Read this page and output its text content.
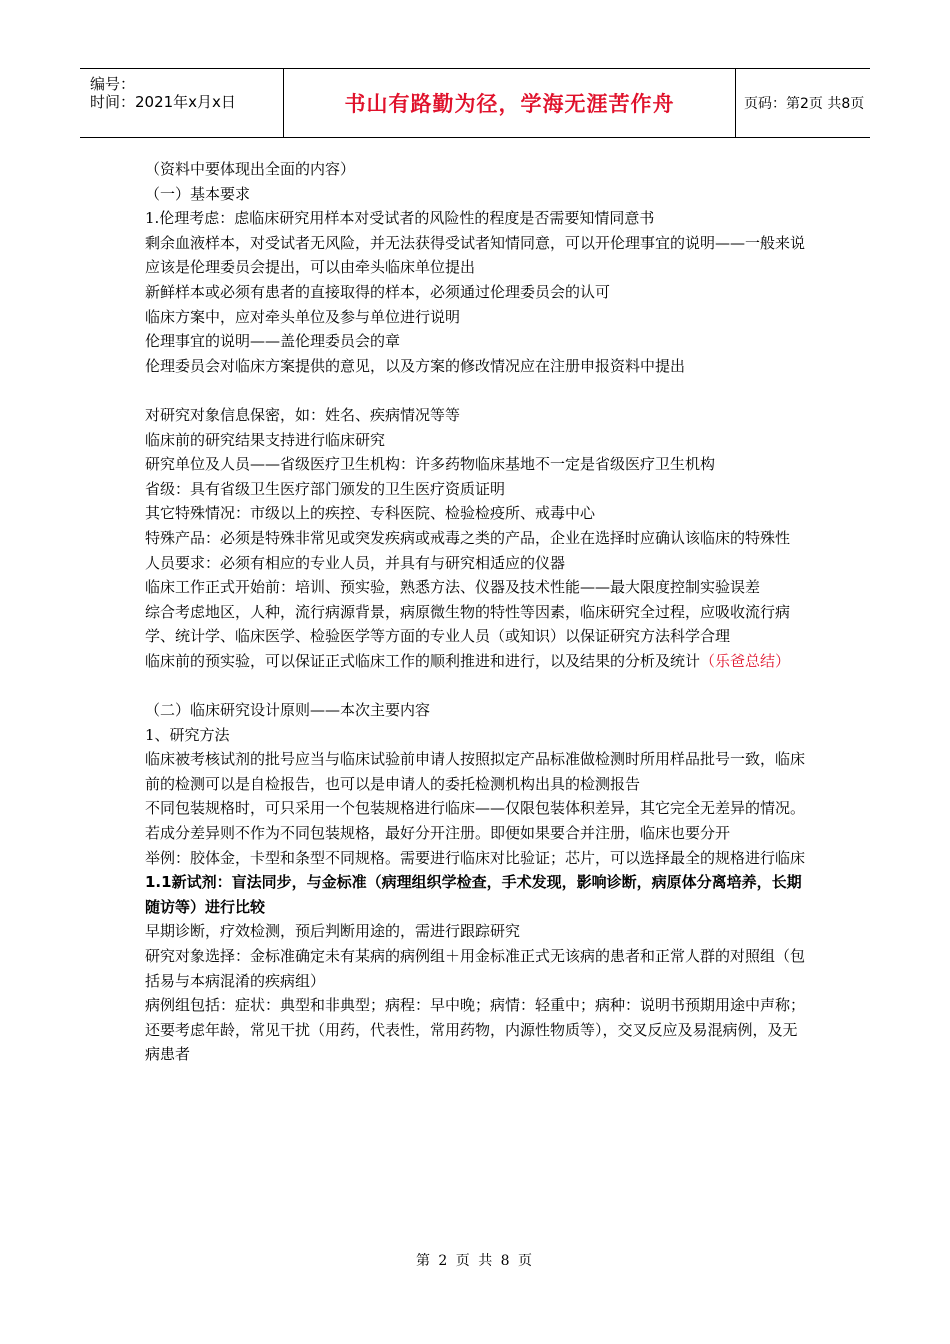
编号：
时间：2021年x月x日	书山有路勤为径，学海无涯苦作舟	页码：第2页 共8页

（资料中要体现出全面的内容）

（一）基本要求

1.伦理考虑：虑临床研究用样本对受试者的风险性的程度是否需要知情同意书

剩余血液样本，对受试者无风险，并无法获得受试者知情同意，可以开伦理事宜的说明——一般来说应该是伦理委员会提出，可以由牵头临床单位提出

新鲜样本或必须有患者的直接取得的样本，必须通过伦理委员会的认可

临床方案中，应对牵头单位及参与单位进行说明

伦理事宜的说明——盖伦理委员会的章

伦理委员会对临床方案提供的意见，以及方案的修改情况应在注册申报资料中提出

对研究对象信息保密，如：姓名、疾病情况等等

临床前的研究结果支持进行临床研究

研究单位及人员——省级医疗卫生机构：许多药物临床基地不一定是省级医疗卫生机构

省级：具有省级卫生医疗部门颁发的卫生医疗资质证明

其它特殊情况：市级以上的疾控、专科医院、检验检疫所、戒毒中心

特殊产品：必须是特殊非常见或突发疾病或戒毒之类的产品，企业在选择时应确认该临床的特殊性

人员要求：必须有相应的专业人员，并具有与研究相适应的仪器

临床工作正式开始前：培训、预实验，熟悉方法、仪器及技术性能——最大限度控制实验误差

综合考虑地区，人种，流行病源背景，病原微生物的特性等因素，临床研究全过程，应吸收流行病学、统计学、临床医学、检验医学等方面的专业人员（或知识）以保证研究方法科学合理

临床前的预实验，可以保证正式临床工作的顺利推进和进行，以及结果的分析及统计（乐爸总结）

（二）临床研究设计原则——本次主要内容

1、研究方法

临床被考核试剂的批号应当与临床试验前申请人按照拟定产品标准做检测时所用样品批号一致，临床前的检测可以是自检报告，也可以是申请人的委托检测机构出具的检测报告

不同包装规格时，可只采用一个包装规格进行临床——仅限包装体积差异，其它完全无差异的情况。若成分差异则不作为不同包装规格，最好分开注册。即便如果要合并注册，临床也要分开

举例：胶体金，卡型和条型不同规格。需要进行临床对比验证；芯片，可以选择最全的规格进行临床

1.1新试剂：盲法同步，与金标准（病理组织学检查，手术发现，影响诊断，病原体分离培养，长期随访等）进行比较

早期诊断，疗效检测，预后判断用途的，需进行跟踪研究

研究对象选择：金标准确定未有某病的病例组＋用金标准正式无该病的患者和正常人群的对照组（包括易与本病混淆的疾病组）

病例组包括：症状：典型和非典型；病程：早中晚；病情：轻重中；病种：说明书预期用途中声称；还要考虑年龄，常见干扰（用药，代表性，常用药物，内源性物质等），交叉反应及易混病例，及无病患者

第 2 页 共 8 页
